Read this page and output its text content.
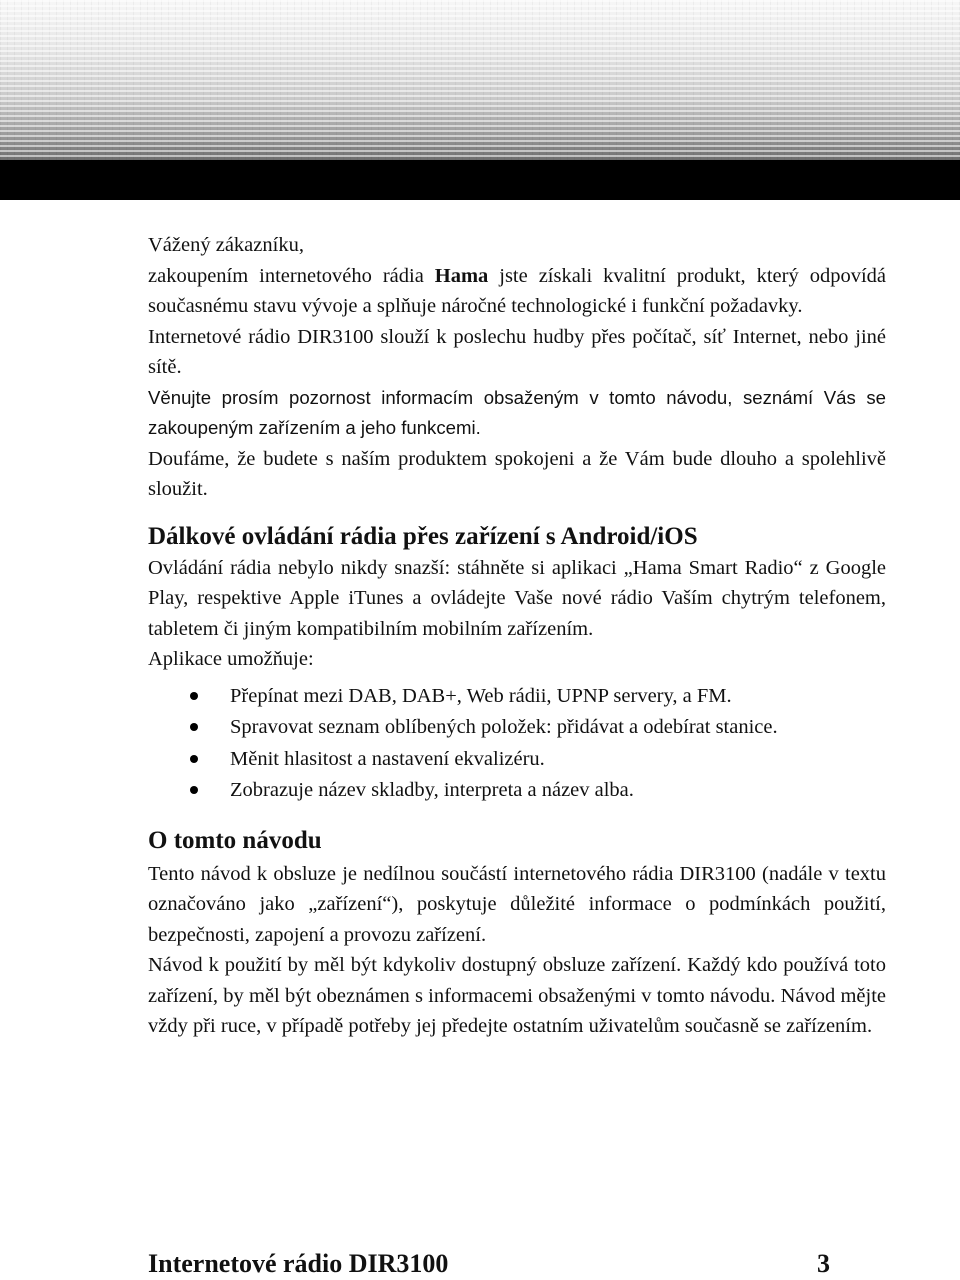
Vážený zákazníku,

zakoupením internetového rádia Hama jste získali kvalitní produkt, který odpovídá současnému stavu vývoje a splňuje náročné technologické i funkční požadavky.

Internetové rádio DIR3100 slouží k poslechu hudby přes počítač, síť Internet, nebo jiné sítě.

Věnujte prosím pozornost informacím obsaženým v tomto návodu, seznámí Vás se zakoupeným zařízením a jeho funkcemi.

Doufáme, že budete s naším produktem spokojeni a že Vám bude dlouho a spolehlivě sloužit.

Dálkové ovládání rádia přes zařízení s Android/iOS

Ovládání rádia nebylo nikdy snazší: stáhněte si aplikaci „Hama Smart Radio“ z Google Play, respektive Apple iTunes a ovládejte Vaše nové rádio Vaším chytrým telefonem, tabletem či jiným kompatibilním mobilním zařízením.

Aplikace umožňuje:

Přepínat mezi DAB, DAB+, Web rádii, UPNP servery, a FM.
Spravovat seznam oblíbených položek: přidávat a odebírat stanice.
Měnit hlasitost a nastavení ekvalizéru.
Zobrazuje název skladby, interpreta a název alba.
O tomto návodu

Tento návod k obsluze je nedílnou součástí internetového rádia DIR3100 (nadále v textu označováno jako „zařízení“), poskytuje důležité informace o podmínkách použití, bezpečnosti, zapojení a provozu zařízení.

Návod k použití by měl být kdykoliv dostupný obsluze zařízení. Každý kdo používá toto zařízení, by měl být obeznámen s informacemi obsaženými v tomto návodu. Návod mějte vždy při ruce, v případě potřeby jej předejte ostatním uživatelům současně se zařízením.

Internetové rádio DIR3100	3
